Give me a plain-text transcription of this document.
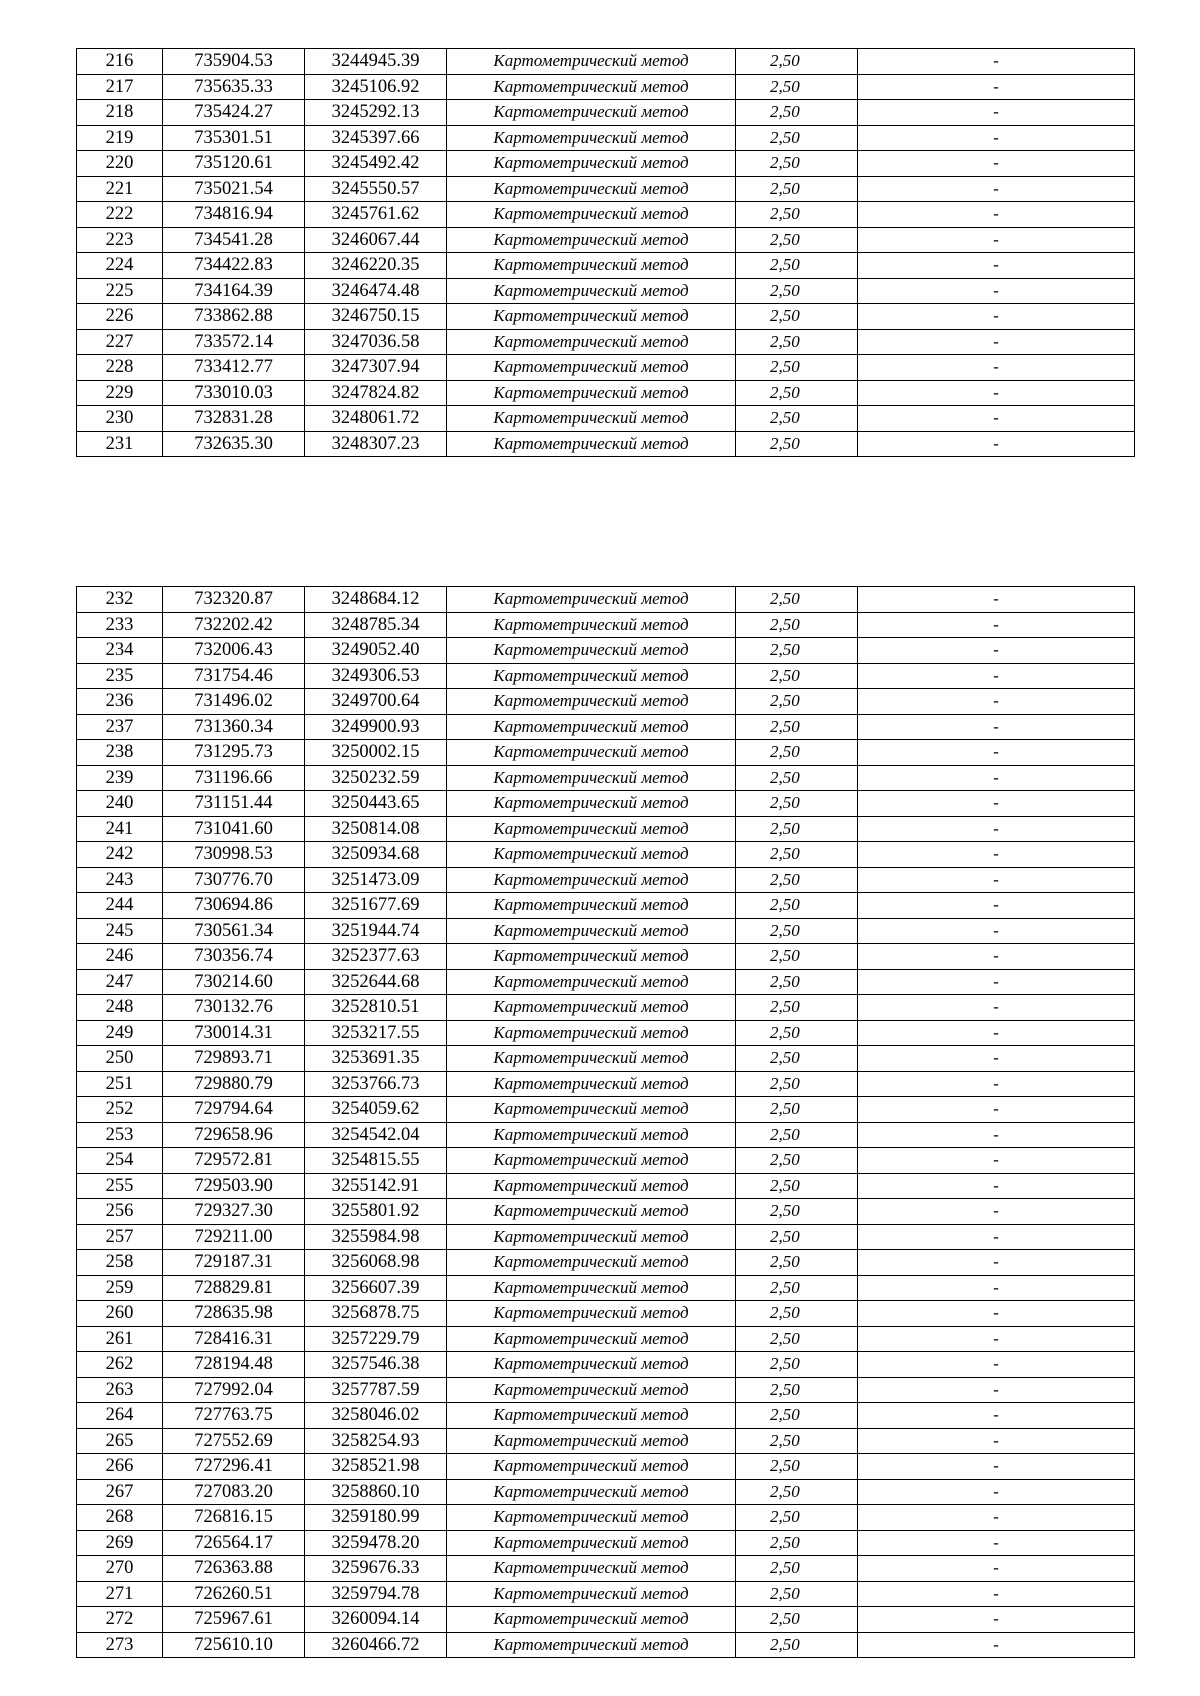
216	735904.53	3244945.39	Картометрический метод	2,50	-
217	735635.33	3245106.92	Картометрический метод	2,50	-
218	735424.27	3245292.13	Картометрический метод	2,50	-
219	735301.51	3245397.66	Картометрический метод	2,50	-
220	735120.61	3245492.42	Картометрический метод	2,50	-
221	735021.54	3245550.57	Картометрический метод	2,50	-
222	734816.94	3245761.62	Картометрический метод	2,50	-
223	734541.28	3246067.44	Картометрический метод	2,50	-
224	734422.83	3246220.35	Картометрический метод	2,50	-
225	734164.39	3246474.48	Картометрический метод	2,50	-
226	733862.88	3246750.15	Картометрический метод	2,50	-
227	733572.14	3247036.58	Картометрический метод	2,50	-
228	733412.77	3247307.94	Картометрический метод	2,50	-
229	733010.03	3247824.82	Картометрический метод	2,50	-
230	732831.28	3248061.72	Картометрический метод	2,50	-
231	732635.30	3248307.23	Картометрический метод	2,50	-
232	732320.87	3248684.12	Картометрический метод	2,50	-
233	732202.42	3248785.34	Картометрический метод	2,50	-
234	732006.43	3249052.40	Картометрический метод	2,50	-
235	731754.46	3249306.53	Картометрический метод	2,50	-
236	731496.02	3249700.64	Картометрический метод	2,50	-
237	731360.34	3249900.93	Картометрический метод	2,50	-
238	731295.73	3250002.15	Картометрический метод	2,50	-
239	731196.66	3250232.59	Картометрический метод	2,50	-
240	731151.44	3250443.65	Картометрический метод	2,50	-
241	731041.60	3250814.08	Картометрический метод	2,50	-
242	730998.53	3250934.68	Картометрический метод	2,50	-
243	730776.70	3251473.09	Картометрический метод	2,50	-
244	730694.86	3251677.69	Картометрический метод	2,50	-
245	730561.34	3251944.74	Картометрический метод	2,50	-
246	730356.74	3252377.63	Картометрический метод	2,50	-
247	730214.60	3252644.68	Картометрический метод	2,50	-
248	730132.76	3252810.51	Картометрический метод	2,50	-
249	730014.31	3253217.55	Картометрический метод	2,50	-
250	729893.71	3253691.35	Картометрический метод	2,50	-
251	729880.79	3253766.73	Картометрический метод	2,50	-
252	729794.64	3254059.62	Картометрический метод	2,50	-
253	729658.96	3254542.04	Картометрический метод	2,50	-
254	729572.81	3254815.55	Картометрический метод	2,50	-
255	729503.90	3255142.91	Картометрический метод	2,50	-
256	729327.30	3255801.92	Картометрический метод	2,50	-
257	729211.00	3255984.98	Картометрический метод	2,50	-
258	729187.31	3256068.98	Картометрический метод	2,50	-
259	728829.81	3256607.39	Картометрический метод	2,50	-
260	728635.98	3256878.75	Картометрический метод	2,50	-
261	728416.31	3257229.79	Картометрический метод	2,50	-
262	728194.48	3257546.38	Картометрический метод	2,50	-
263	727992.04	3257787.59	Картометрический метод	2,50	-
264	727763.75	3258046.02	Картометрический метод	2,50	-
265	727552.69	3258254.93	Картометрический метод	2,50	-
266	727296.41	3258521.98	Картометрический метод	2,50	-
267	727083.20	3258860.10	Картометрический метод	2,50	-
268	726816.15	3259180.99	Картометрический метод	2,50	-
269	726564.17	3259478.20	Картометрический метод	2,50	-
270	726363.88	3259676.33	Картометрический метод	2,50	-
271	726260.51	3259794.78	Картометрический метод	2,50	-
272	725967.61	3260094.14	Картометрический метод	2,50	-
273	725610.10	3260466.72	Картометрический метод	2,50	-
